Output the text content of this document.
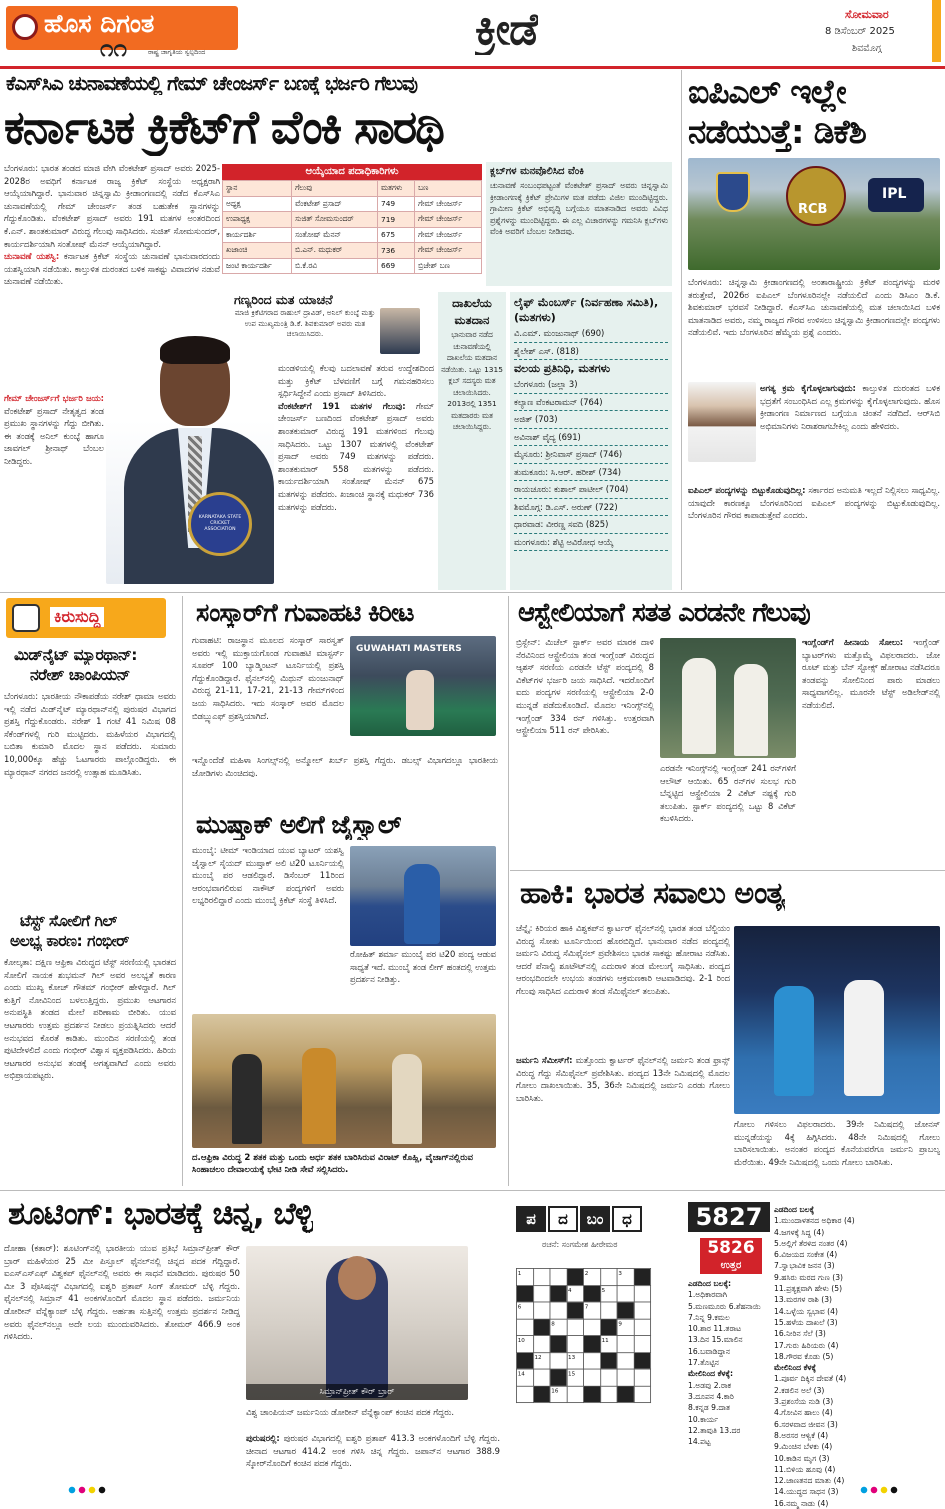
ಹೊಸ ದಿಗಂತ
೧೧	ರಾಷ್ಟ್ರ ಜಾಗೃತಿಯ ಸ್ವಲ್ಪದಿಂದ	ಕ್ರೀಡೆ	ಸೋಮವಾರ
8 ಡಿಸೆಂಬರ್ 2025
ಶಿವಮೊಗ್ಗ
ಕೆಎಸ್‌ಸಿಎ ಚುನಾವಣೆಯಲ್ಲಿ ಗೇಮ್ ಚೇಂಜರ್ಸ್ ಬಣಕ್ಕೆ ಭರ್ಜರಿ ಗೆಲುವು
ಕರ್ನಾಟಕ ಕ್ರಿಕೆಟ್‌ಗೆ ವೆಂಕಿ ಸಾರಥಿ
ಬೆಂಗಳೂರು: ಭಾರತ ತಂಡದ ಮಾಜಿ ವೇಗಿ ವೆಂಕಟೇಶ್ ಪ್ರಸಾದ್ ಅವರು 2025-2028ರ ಅವಧಿಗೆ ಕರ್ನಾಟಕ ರಾಜ್ಯ ಕ್ರಿಕೆಟ್ ಸಂಸ್ಥೆಯ ಅಧ್ಯಕ್ಷರಾಗಿ ಆಯ್ಕೆಯಾಗಿದ್ದಾರೆ. ಭಾನುವಾರ ಚಿನ್ನಸ್ವಾಮಿ ಕ್ರೀಡಾಂಗಣದಲ್ಲಿ ನಡೆದ ಕೆಎಸ್‌ಸಿಎ ಚುನಾವಣೆಯಲ್ಲಿ ಗೇಮ್ ಚೇಂಜರ್ಸ್ ತಂಡ ಬಹುತೇಕ ಸ್ಥಾನಗಳನ್ನು ಗೆದ್ದುಕೊಂಡಿತು. ವೆಂಕಟೇಶ್ ಪ್ರಸಾದ್ ಅವರು 191 ಮತಗಳ ಅಂತರದಿಂದ ಕೆ.ಎನ್. ಶಾಂತಕುಮಾರ್ ವಿರುದ್ಧ ಗೆಲುವು ಸಾಧಿಸಿದರು. ಸುಜಿತ್ ಸೋಮಸುಂದರ್, ಕಾರ್ಯದರ್ಶಿಯಾಗಿ ಸಂತೋಷ್ ಮೆನನ್ ಆಯ್ಕೆಯಾಗಿದ್ದಾರೆ.
ಚುನಾವಣೆ ಯಶಸ್ವಿ: ಕರ್ನಾಟಕ ಕ್ರಿಕೆಟ್ ಸಂಸ್ಥೆಯ ಚುನಾವಣೆ ಭಾನುವಾರದಂದು ಯಶಸ್ವಿಯಾಗಿ ನಡೆಯಿತು. ಕಾಲ್ತುಳಿತ ದುರಂತದ ಬಳಿಕ ಸಾಕಷ್ಟು ವಿವಾದಗಳ ನಡುವೆ ಚುನಾವಣೆ ನಡೆಯಿತು.
ಗೇಮ್ ಚೇಂಜರ್ಸ್‌ಗೆ ಭರ್ಜರಿ ಜಯ: ವೆಂಕಟೇಶ್ ಪ್ರಸಾದ್ ನೇತೃತ್ವದ ತಂಡ ಪ್ರಮುಖ ಸ್ಥಾನಗಳನ್ನು ಗೆದ್ದು ಬೀಗಿತು. ಈ ತಂಡಕ್ಕೆ ಅನಿಲ್ ಕುಂಬ್ಳೆ ಹಾಗೂ ಜಾವಗಲ್ ಶ್ರೀನಾಥ್ ಬೆಂಬಲ ನೀಡಿದ್ದರು.
KARNATAKA STATE CRICKET ASSOCIATION
ಆಯ್ಕೆಯಾದ ಪದಾಧಿಕಾರಿಗಳು
ಸ್ಥಾನ	ಗೆಲುವು	ಮತಗಳು	ಬಣ
ಅಧ್ಯಕ್ಷ	ವೆಂಕಟೇಶ್ ಪ್ರಸಾದ್	749	ಗೇಮ್ ಚೇಂಜರ್ಸ್
ಉಪಾಧ್ಯಕ್ಷ	ಸುಜಿತ್ ಸೋಮಸುಂದರ್	719	ಗೇಮ್ ಚೇಂಜರ್ಸ್
ಕಾರ್ಯದರ್ಶಿ	ಸಂತೋಷ್ ಮೆನನ್	675	ಗೇಮ್ ಚೇಂಜರ್ಸ್
ಖಜಾಂಚಿ	ಬಿ.ಎನ್. ಮಧುಕರ್	736	ಗೇಮ್ ಚೇಂಜರ್ಸ್
ಜಂಟಿ ಕಾರ್ಯದರ್ಶಿ	ಬಿ.ಕೆ.ರವಿ	669	ಬ್ರಿಜೇಶ್ ಬಣ
ಕ್ಲಬ್‌ಗಳ ಮನವೊಲಿಸಿದ ವೆಂಕಿ
ಚುನಾವಣೆ ಸಂಬಂಧಪಟ್ಟಂತೆ ವೆಂಕಟೇಶ್ ಪ್ರಸಾದ್ ಅವರು ಚಿನ್ನಸ್ವಾಮಿ ಕ್ರೀಡಾಂಗಣಕ್ಕೆ ಕ್ರಿಕೆಟ್ ಪ್ರೇಮಿಗಳ ಮತ ಪಡೆದು ವಿಜಿಲ ಮುಂದಿಟ್ಟಿದ್ದರು. ಗ್ರಾಮೀಣ ಕ್ರಿಕೆಟ್ ಅಭಿವೃದ್ಧಿ ಬಗ್ಗೆಯೂ ಮಾತನಾಡಿದ ಅವರು ವಿವಿಧ ಪ್ರಶ್ನೆಗಳನ್ನು ಮುಂದಿಟ್ಟಿದ್ದರು. ಈ ಎಲ್ಲ ವಿಚಾರಗಳನ್ನು ಗಮನಿಸಿ ಕ್ಲಬ್‌ಗಳು ವೆಂಕಿ ಅವರಿಗೆ ಬೆಂಬಲ ನೀಡಿದವು.
ಗಣ್ಯರಿಂದ ಮತ ಯಾಚನೆ
ಮಾಜಿ ಕ್ರಿಕೆಟಿಗರಾದ ರಾಹುಲ್ ದ್ರಾವಿಡ್, ಅನಿಲ್ ಕುಂಬ್ಳೆ ಮತ್ತು ಉಪ ಮುಖ್ಯಮಂತ್ರಿ ಡಿ.ಕೆ. ಶಿವಕುಮಾರ್ ಅವರು ಮತ ಚಲಾಯಿಸಿದರು.
ಮಂಡಳಿಯಲ್ಲಿ ಕೆಲವು ಬದಲಾವಣೆ ತರುವ ಉದ್ದೇಶದಿಂದ ಮತ್ತು ಕ್ರಿಕೆಟ್ ಬೆಳವಣಿಗೆ ಬಗ್ಗೆ ಗಮನಹರಿಸಲು ಸ್ಪರ್ಧಿಸಿದ್ದೇನೆ ಎಂದು ಪ್ರಸಾದ್ ತಿಳಿಸಿದರು.
ವೆಂಕಟೇಶ್‌ಗೆ 191 ಮತಗಳ ಗೆಲುವು: ಗೇಮ್ ಚೇಂಜರ್ಸ್ ಬಣದಿಂದ ವೆಂಕಟೇಶ್ ಪ್ರಸಾದ್ ಅವರು ಶಾಂತಕುಮಾರ್ ವಿರುದ್ಧ 191 ಮತಗಳಿಂದ ಗೆಲುವು ಸಾಧಿಸಿದರು. ಒಟ್ಟು 1307 ಮತಗಳಲ್ಲಿ ವೆಂಕಟೇಶ್ ಪ್ರಸಾದ್ ಅವರು 749 ಮತಗಳನ್ನು ಪಡೆದರು. ಶಾಂತಕುಮಾರ್ 558 ಮತಗಳನ್ನು ಪಡೆದರು. ಕಾರ್ಯದರ್ಶಿಯಾಗಿ ಸಂತೋಷ್ ಮೆನನ್ 675 ಮತಗಳನ್ನು ಪಡೆದರು. ಖಜಾಂಚಿ ಸ್ಥಾನಕ್ಕೆ ಮಧುಕರ್ 736 ಮತಗಳನ್ನು ಪಡೆದರು.
ದಾಖಲೆಯ ಮತದಾನ
ಭಾನುವಾರ ನಡೆದ ಚುನಾವಣೆಯಲ್ಲಿ ದಾಖಲೆಯ ಮತದಾನ ನಡೆಯಿತು. ಒಟ್ಟು 1315 ಕ್ಲಬ್ ಸದಸ್ಯರು ಮತ ಚಲಾಯಿಸಿದರು. 2013ರಲ್ಲಿ 1351 ಮತದಾರರು ಮತ ಚಲಾಯಿಸಿದ್ದರು.
ಲೈಫ್ ಮೆಂಬರ್ಸ್ (ನಿರ್ವಹಣಾ ಸಮಿತಿ), (ಮತಗಳು)
ವಿ.ಎಮ್. ಮಂಜುನಾಥ್ (690)
ಶೈಲೇಶ್ ಎಸ್. (818)
ವಲಯ ಪ್ರತಿನಿಧಿ, ಮತಗಳು
ಬೆಂಗಳೂರು (ಜಲ್ಲಾ 3)
ಕಲ್ಯಾಣ ವೆಂಕಟರಾಮನ್ (764)
ಅಜಿತ್ (703)
ಅವಿನಾಶ್ ವೈದ್ಯ (691)
ಮೈಸೂರು: ಶ್ರೀನಿವಾಸ್ ಪ್ರಸಾದ್ (746)
ತುಮಕೂರು: ಸಿ.ಆರ್. ಹರೀಶ್ (734)
ರಾಯಚೂರು: ಕುಶಾಲ್ ಪಾಟೀಲ್ (704)
ಶಿವಮೊಗ್ಗ: ಡಿ.ಎಸ್. ಅರುಣ್ (722)
ಧಾರವಾಡ: ವೀರಣ್ಣ ಸವದಿ (825)
ಮಂಗಳೂರು: ಶೆಟ್ಟಿ ಅವಿರೋಧ ಆಯ್ಕೆ
ಐಪಿಎಲ್ ಇಲ್ಲೇ
ನಡೆಯುತ್ತೆ: ಡಿಕೆಶಿ
RCB
IPL
ಬೆಂಗಳೂರು: ಚಿನ್ನಸ್ವಾಮಿ ಕ್ರೀಡಾಂಗಣದಲ್ಲಿ ಅಂತಾರಾಷ್ಟ್ರೀಯ ಕ್ರಿಕೆಟ್ ಪಂದ್ಯಗಳನ್ನು ಮರಳಿ ತರುತ್ತೇವೆ, 2026ರ ಐಪಿಎಲ್ ಬೆಂಗಳೂರಿನಲ್ಲೇ ನಡೆಯಲಿದೆ ಎಂದು ಡಿಸಿಎಂ ಡಿ.ಕೆ. ಶಿವಕುಮಾರ್ ಭರವಸೆ ನೀಡಿದ್ದಾರೆ. ಕೆಎಸ್‌ಸಿಎ ಚುನಾವಣೆಯಲ್ಲಿ ಮತ ಚಲಾಯಿಸಿದ ಬಳಿಕ ಮಾತನಾಡಿದ ಅವರು, ನಮ್ಮ ರಾಜ್ಯದ ಗೌರವ ಉಳಿಸಲು ಚಿನ್ನಸ್ವಾಮಿ ಕ್ರೀಡಾಂಗಣದಲ್ಲೇ ಪಂದ್ಯಗಳು ನಡೆಯಲಿವೆ. ಇದು ಬೆಂಗಳೂರಿನ ಹೆಮ್ಮೆಯ ಪ್ರಶ್ನೆ ಎಂದರು.
ಅಗತ್ಯ ಕ್ರಮ ಕೈಗೊಳ್ಳಲಾಗುವುದು: ಕಾಲ್ತುಳಿತ ದುರಂತದ ಬಳಿಕ ಭದ್ರತೆಗೆ ಸಂಬಂಧಿಸಿದ ಎಲ್ಲ ಕ್ರಮಗಳನ್ನು ಕೈಗೊಳ್ಳಲಾಗುವುದು. ಹೊಸ ಕ್ರೀಡಾಂಗಣ ನಿರ್ಮಾಣದ ಬಗ್ಗೆಯೂ ಚಿಂತನೆ ನಡೆದಿದೆ. ಆರ್‌ಸಿಬಿ ಅಭಿಮಾನಿಗಳು ನಿರಾಶರಾಗಬೇಕಿಲ್ಲ ಎಂದು ಹೇಳಿದರು.
ಐಪಿಎಲ್ ಪಂದ್ಯಗಳನ್ನು ಬಿಟ್ಟುಕೊಡುವುದಿಲ್ಲ: ಸರ್ಕಾರದ ಅನುಮತಿ ಇಲ್ಲದೆ ನಿಲ್ಲಿಸಲು ಸಾಧ್ಯವಿಲ್ಲ. ಯಾವುದೇ ಕಾರಣಕ್ಕೂ ಬೆಂಗಳೂರಿನಿಂದ ಐಪಿಎಲ್ ಪಂದ್ಯಗಳನ್ನು ಬಿಟ್ಟುಕೊಡುವುದಿಲ್ಲ. ಬೆಂಗಳೂರಿನ ಗೌರವ ಕಾಪಾಡುತ್ತೇವೆ ಎಂದರು.
ಕಿರುಸುದ್ದಿ
ಮಿಡ್‌ನೈಟ್ ಮ್ಯಾರಥಾನ್:
ನರೇಶ್ ಚಾಂಪಿಯನ್
ಬೆಂಗಳೂರು: ಭಾರತೀಯ ನೌಕಾಪಡೆಯ ನರೇಶ್ ಧಾಮಾ ಅವರು ಇಲ್ಲಿ ನಡೆದ ಮಿಡ್‌ನೈಟ್ ಮ್ಯಾರಥಾನ್‌ನಲ್ಲಿ ಪುರುಷರ ವಿಭಾಗದ ಪ್ರಶಸ್ತಿ ಗೆದ್ದುಕೊಂಡರು. ನರೇಶ್ 1 ಗಂಟೆ 41 ನಿಮಿಷ 08 ಸೆಕೆಂಡ್‌ಗಳಲ್ಲಿ ಗುರಿ ಮುಟ್ಟಿದರು. ಮಹಿಳೆಯರ ವಿಭಾಗದಲ್ಲಿ ಬಬಿತಾ ಕುಮಾರಿ ಮೊದಲ ಸ್ಥಾನ ಪಡೆದರು. ಸುಮಾರು 10,000ಕ್ಕೂ ಹೆಚ್ಚು ಓಟಗಾರರು ಪಾಲ್ಗೊಂಡಿದ್ದರು. ಈ ಮ್ಯಾರಥಾನ್ ನಗರದ ಜನರಲ್ಲಿ ಉತ್ಸಾಹ ಮೂಡಿಸಿತು.
ಟೆಸ್ಟ್ ಸೋಲಿಗೆ ಗಿಲ್
ಅಲಭ್ಯ ಕಾರಣ: ಗಂಭೀರ್
ಕೋಲ್ಕತಾ: ದಕ್ಷಿಣ ಆಫ್ರಿಕಾ ವಿರುದ್ಧದ ಟೆಸ್ಟ್ ಸರಣಿಯಲ್ಲಿ ಭಾರತದ ಸೋಲಿಗೆ ನಾಯಕ ಶುಭಮನ್ ಗಿಲ್ ಅವರ ಅಲಭ್ಯತೆ ಕಾರಣ ಎಂದು ಮುಖ್ಯ ಕೋಚ್ ಗೌತಮ್ ಗಂಭೀರ್ ಹೇಳಿದ್ದಾರೆ. ಗಿಲ್ ಕುತ್ತಿಗೆ ನೋವಿನಿಂದ ಬಳಲುತ್ತಿದ್ದರು. ಪ್ರಮುಖ ಆಟಗಾರನ ಅನುಪಸ್ಥಿತಿ ತಂಡದ ಮೇಲೆ ಪರಿಣಾಮ ಬೀರಿತು. ಯುವ ಆಟಗಾರರು ಉತ್ತಮ ಪ್ರದರ್ಶನ ನೀಡಲು ಪ್ರಯತ್ನಿಸಿದರು ಆದರೆ ಅನುಭವದ ಕೊರತೆ ಕಾಡಿತು. ಮುಂದಿನ ಸರಣಿಯಲ್ಲಿ ತಂಡ ಪುಟಿದೇಳಲಿದೆ ಎಂದು ಗಂಭೀರ್ ವಿಶ್ವಾಸ ವ್ಯಕ್ತಪಡಿಸಿದರು. ಹಿರಿಯ ಆಟಗಾರರ ಅನುಭವ ತಂಡಕ್ಕೆ ಅಗತ್ಯವಾಗಿದೆ ಎಂದು ಅವರು ಅಭಿಪ್ರಾಯಪಟ್ಟರು.
ಸಂಸ್ಕಾರ್‌ಗೆ ಗುವಾಹಟಿ ಕಿರೀಟ
ಗುವಾಹಟಿ: ರಾಜಸ್ಥಾನ ಮೂಲದ ಸಂಸ್ಕಾರ್ ಸಾರಸ್ವತ್ ಅವರು ಇಲ್ಲಿ ಮುಕ್ತಾಯಗೊಂಡ ಗುವಾಹಟಿ ಮಾಸ್ಟರ್ಸ್ ಸೂಪರ್ 100 ಬ್ಯಾಡ್ಮಿಂಟನ್ ಟೂರ್ನಿಯಲ್ಲಿ ಪ್ರಶಸ್ತಿ ಗೆದ್ದುಕೊಂಡಿದ್ದಾರೆ. ಫೈನಲ್‌ನಲ್ಲಿ ಮಿಥುನ್ ಮಂಜುನಾಥ್ ವಿರುದ್ಧ 21-11, 17-21, 21-13 ಗೇಮ್‌ಗಳಿಂದ ಜಯ ಸಾಧಿಸಿದರು. ಇದು ಸಂಸ್ಕಾರ್ ಅವರ ಮೊದಲ ಬಿಡಬ್ಲ್ಯುಎಫ್ ಪ್ರಶಸ್ತಿಯಾಗಿದೆ.
GUWAHATI MASTERS
ಇನ್ನೊಂದೆಡೆ ಮಹಿಳಾ ಸಿಂಗಲ್ಸ್‌ನಲ್ಲಿ ಅನ್ಮೋಲ್ ಖರ್ಬ್ ಪ್ರಶಸ್ತಿ ಗೆದ್ದರು. ಡಬಲ್ಸ್ ವಿಭಾಗದಲ್ಲೂ ಭಾರತೀಯ ಜೋಡಿಗಳು ಮಿಂಚಿದವು.
ಮುಷ್ತಾಕ್ ಅಲಿಗೆ ಜೈಸ್ವಾಲ್
ಮುಂಬೈ: ಟೀಮ್ ಇಂಡಿಯಾದ ಯುವ ಬ್ಯಾಟರ್ ಯಶಸ್ವಿ ಜೈಸ್ವಾಲ್ ಸೈಯದ್ ಮುಷ್ತಾಕ್ ಅಲಿ ಟಿ20 ಟೂರ್ನಿಯಲ್ಲಿ ಮುಂಬೈ ಪರ ಆಡಲಿದ್ದಾರೆ. ಡಿಸೆಂಬರ್ 11ರಿಂದ ಆರಂಭವಾಗಲಿರುವ ನಾಕೌಟ್ ಪಂದ್ಯಗಳಿಗೆ ಅವರು ಲಭ್ಯರಿರಲಿದ್ದಾರೆ ಎಂದು ಮುಂಬೈ ಕ್ರಿಕೆಟ್ ಸಂಸ್ಥೆ ತಿಳಿಸಿದೆ.
ರೋಹಿತ್ ಶರ್ಮಾ ಮುಂಬೈ ಪರ ಟಿ20 ಪಂದ್ಯ ಆಡುವ ಸಾಧ್ಯತೆ ಇದೆ. ಮುಂಬೈ ತಂಡ ಲೀಗ್ ಹಂತದಲ್ಲಿ ಉತ್ತಮ ಪ್ರದರ್ಶನ ನೀಡಿತ್ತು.
ದ.ಆಫ್ರಿಕಾ ವಿರುದ್ಧ 2 ಶತಕ ಮತ್ತು ಒಂದು ಅರ್ಧ ಶತಕ ಬಾರಿಸಿರುವ ವಿರಾಟ್ ಕೊಹ್ಲಿ, ವೈಜಾಗ್‌ನಲ್ಲಿರುವ ಸಿಂಹಾಚಲಂ ದೇವಾಲಯಕ್ಕೆ ಭೇಟಿ ನೀಡಿ ಸೇವೆ ಸಲ್ಲಿಸಿದರು.
ಆಸ್ಟ್ರೇಲಿಯಾಗೆ ಸತತ ಎರಡನೇ ಗೆಲುವು
ಬ್ರಿಸ್ಬೇನ್: ಮಿಚೆಲ್ ಸ್ಟಾರ್ಕ್ ಅವರ ಮಾರಕ ದಾಳಿ ನೆರವಿನಿಂದ ಆಸ್ಟ್ರೇಲಿಯಾ ತಂಡ ಇಂಗ್ಲೆಂಡ್ ವಿರುದ್ಧದ ಆ್ಯಶಸ್ ಸರಣಿಯ ಎರಡನೇ ಟೆಸ್ಟ್ ಪಂದ್ಯದಲ್ಲಿ 8 ವಿಕೆಟ್‌ಗಳ ಭರ್ಜರಿ ಜಯ ಸಾಧಿಸಿದೆ. ಇದರೊಂದಿಗೆ ಐದು ಪಂದ್ಯಗಳ ಸರಣಿಯಲ್ಲಿ ಆಸ್ಟ್ರೇಲಿಯಾ 2-0 ಮುನ್ನಡೆ ಪಡೆದುಕೊಂಡಿದೆ. ಮೊದಲ ಇನಿಂಗ್ಸ್‌ನಲ್ಲಿ ಇಂಗ್ಲೆಂಡ್ 334 ರನ್ ಗಳಿಸಿತ್ತು. ಉತ್ತರವಾಗಿ ಆಸ್ಟ್ರೇಲಿಯಾ 511 ರನ್ ಪೇರಿಸಿತು.
ಎರಡನೇ ಇನಿಂಗ್ಸ್‌ನಲ್ಲಿ ಇಂಗ್ಲೆಂಡ್ 241 ರನ್‌ಗಳಿಗೆ ಆಲೌಟ್ ಆಯಿತು. 65 ರನ್‌ಗಳ ಸುಲಭ ಗುರಿ ಬೆನ್ನಟ್ಟಿದ ಆಸ್ಟ್ರೇಲಿಯಾ 2 ವಿಕೆಟ್ ನಷ್ಟಕ್ಕೆ ಗುರಿ ತಲುಪಿತು. ಸ್ಟಾರ್ಕ್ ಪಂದ್ಯದಲ್ಲಿ ಒಟ್ಟು 8 ವಿಕೆಟ್ ಕಬಳಿಸಿದರು.
ಇಂಗ್ಲೆಂಡ್‌ಗೆ ಹೀನಾಯ ಸೋಲು: ಇಂಗ್ಲೆಂಡ್ ಬ್ಯಾಟರ್‌ಗಳು ಮತ್ತೊಮ್ಮೆ ವಿಫಲರಾದರು. ಜೋ ರೂಟ್ ಮತ್ತು ಬೆನ್ ಸ್ಟೋಕ್ಸ್ ಹೋರಾಟ ನಡೆಸಿದರೂ ತಂಡವನ್ನು ಸೋಲಿನಿಂದ ಪಾರು ಮಾಡಲು ಸಾಧ್ಯವಾಗಲಿಲ್ಲ. ಮೂರನೇ ಟೆಸ್ಟ್ ಅಡಿಲೇಡ್‌ನಲ್ಲಿ ನಡೆಯಲಿದೆ.
ಹಾಕಿ: ಭಾರತ ಸವಾಲು ಅಂತ್ಯ
ಚೆನ್ನೈ: ಕಿರಿಯರ ಹಾಕಿ ವಿಶ್ವಕಪ್‌ನ ಕ್ವಾರ್ಟರ್ ಫೈನಲ್‌ನಲ್ಲಿ ಭಾರತ ತಂಡ ಬೆಲ್ಜಿಯಂ ವಿರುದ್ಧ ಸೋತು ಟೂರ್ನಿಯಿಂದ ಹೊರಬಿದ್ದಿದೆ. ಭಾನುವಾರ ನಡೆದ ಪಂದ್ಯದಲ್ಲಿ ಜರ್ಮನಿ ವಿರುದ್ಧ ಸೆಮಿಫೈನಲ್ ಪ್ರವೇಶಿಸಲು ಭಾರತ ಸಾಕಷ್ಟು ಹೋರಾಟ ನಡೆಸಿತು. ಆದರೆ ಪೆನಾಲ್ಟಿ ಶೂಟೌಟ್‌ನಲ್ಲಿ ಎದುರಾಳಿ ತಂಡ ಮೇಲುಗೈ ಸಾಧಿಸಿತು. ಪಂದ್ಯದ ಆರಂಭದಿಂದಲೇ ಉಭಯ ತಂಡಗಳು ಆಕ್ರಮಣಕಾರಿ ಆಟವಾಡಿದವು. 2-1 ರಿಂದ ಗೆಲುವು ಸಾಧಿಸಿದ ಎದುರಾಳಿ ತಂಡ ಸೆಮಿಫೈನಲ್ ತಲುಪಿತು.
ಜರ್ಮನಿ ಸೆಮೀಸ್‌ಗೆ: ಮತ್ತೊಂದು ಕ್ವಾರ್ಟರ್ ಫೈನಲ್‌ನಲ್ಲಿ ಜರ್ಮನಿ ತಂಡ ಫ್ರಾನ್ಸ್ ವಿರುದ್ಧ ಗೆದ್ದು ಸೆಮಿಫೈನಲ್ ಪ್ರವೇಶಿಸಿತು. ಪಂದ್ಯದ 13ನೇ ನಿಮಿಷದಲ್ಲಿ ಮೊದಲ ಗೋಲು ದಾಖಲಾಯಿತು. 35, 36ನೇ ನಿಮಿಷದಲ್ಲಿ ಜರ್ಮನಿ ಎರಡು ಗೋಲು ಬಾರಿಸಿತು.
ಗೋಲು ಗಳಿಸಲು ವಿಫಲರಾದರು. 39ನೇ ನಿಮಿಷದಲ್ಲಿ ಜೋನಸ್ ಮುನ್ನಡೆಯನ್ನು 4ಕ್ಕೆ ಹಿಗ್ಗಿಸಿದರು. 48ನೇ ನಿಮಿಷದಲ್ಲಿ ಗೋಲು ಬಾರಿಸಲಾಯಿತು. ಅನಂತರ ಪಂದ್ಯದ ಕೊನೆಯವರೆಗೂ ಜರ್ಮನಿ ಪ್ರಾಬಲ್ಯ ಮೆರೆಯಿತು. 49ನೇ ನಿಮಿಷದಲ್ಲಿ ಒಂದು ಗೋಲು ಬಾರಿಸಿತು.
ಶೂಟಿಂಗ್: ಭಾರತಕ್ಕೆ ಚಿನ್ನ, ಬೆಳ್ಳಿ
ದೋಹಾ (ಕತಾರ್): ಶೂಟಿಂಗ್‌ನಲ್ಲಿ ಭಾರತೀಯ ಯುವ ಪ್ರತಿಭೆ ಸಿಮ್ರಾನ್‌ಪ್ರೀತ್ ಕೌರ್ ಬ್ರಾರ್ ಮಹಿಳೆಯರ 25 ಮೀ ಪಿಸ್ತೂಲ್ ಫೈನಲ್‌ನಲ್ಲಿ ಚಿನ್ನದ ಪದಕ ಗೆದ್ದಿದ್ದಾರೆ. ಐಎಸ್‌ಎಸ್‌ಎಫ್ ವಿಶ್ವಕಪ್ ಫೈನಲ್‌ನಲ್ಲಿ ಅವರು ಈ ಸಾಧನೆ ಮಾಡಿದರು. ಪುರುಷರ 50 ಮೀ 3 ಪೊಸಿಷನ್ಸ್ ವಿಭಾಗದಲ್ಲಿ ಐಶ್ವರಿ ಪ್ರತಾಪ್ ಸಿಂಗ್ ತೋಮರ್ ಬೆಳ್ಳಿ ಗೆದ್ದರು. ಫೈನಲ್‌ನಲ್ಲಿ ಸಿಮ್ರಾನ್ 41 ಅಂಕಗಳೊಂದಿಗೆ ಮೊದಲ ಸ್ಥಾನ ಪಡೆದರು. ಜರ್ಮನಿಯ ಡೋರೀನ್ ವೆನ್ನೆಕ್ಯಾಂಪ್ ಬೆಳ್ಳಿ ಗೆದ್ದರು. ಅರ್ಹತಾ ಸುತ್ತಿನಲ್ಲಿ ಉತ್ತಮ ಪ್ರದರ್ಶನ ನೀಡಿದ್ದ ಅವರು ಫೈನಲ್‌ನಲ್ಲೂ ಅದೇ ಲಯ ಮುಂದುವರಿಸಿದರು. ತೋಮರ್ 466.9 ಅಂಕ ಗಳಿಸಿದರು.
ಸಿಮ್ರಾನ್‌ಪ್ರೀತ್ ಕೌರ್ ಬ್ರಾರ್
ವಿಶ್ವ ಚಾಂಪಿಯನ್ ಜರ್ಮನಿಯ ಡೋರೀನ್ ವೆನ್ನೆಕ್ಯಾಂಪ್ ಕಂಚಿನ ಪದಕ ಗೆದ್ದರು.
ಪುರುಷರಲ್ಲಿ: ಪುರುಷರ ವಿಭಾಗದಲ್ಲಿ ಐಶ್ವರಿ ಪ್ರತಾಪ್ 413.3 ಅಂಕಗಳೊಂದಿಗೆ ಬೆಳ್ಳಿ ಗೆದ್ದರು. ಚೀನಾದ ಆಟಗಾರ 414.2 ಅಂಕ ಗಳಿಸಿ ಚಿನ್ನ ಗೆದ್ದರು. ಜಪಾನ್‌ನ ಆಟಗಾರ 388.9 ಸ್ಕೋರ್‌ನೊಂದಿಗೆ ಕಂಚಿನ ಪದಕ ಗೆದ್ದರು.
ಪ ದ ಬಂ ಧ
ರಚನೆ: ಸಂಗಮೇಶ ಹೀರೇಮಠ
1				2		3	
			4		5		
6				7			
		8				9	
10					11		
	12		13				
14			15				
		16					
5827
5826
ಉತ್ತರ
ಎಡದಿಂದ ಬಲಕ್ಕೆ:
1.ಅಧಿಕಾರವಾಗಿ
5.ಮಣಮೂರು 6.ಶೆಹನಾಯಿ
7.ನಿನ್ನ 9.ಕಮಲ
10.ಶಾರ 11.ತರಾಟ
13.ದಿನ 15.ಮಾಲಿನ
16.ಬವಾಡಿದ್ದಾನ
17.ತೊಟ್ಟಿನ
ಮೇಲಿನಿಂದ ಕೆಳಕ್ಕೆ:
1.ಅಡವು 2.ರಾಕ
3.ದೂಪನ 4.ಕಾರಿ
8.ಕನ್ನಡ 9.ದಾತ
10.ಕಾರ್ಯ
12.ತಾವುತಿ 13.ದರ
14.ಪಟ್ಟ
ಎಡದಿಂದ ಬಲಕ್ಕೆ
1.ಮುಂದಾಳತನದ ಅಧಿಕಾರ (4)
4.ಜಗಳಕ್ಕೆ ಸಿದ್ಧ (4)
5.ಅಲ್ಲಿಗೆ ತೆರಳಿದ ನಂತರ (4)
6.ವಿಜಯದ ಸಂಕೇತ (4)
7.ಸ್ವಾಭಾವಿಕ ಜನನ (3)
9.ಹಸಿರು ಮರದ ಗುಣ (3)
11.ಪ್ರತ್ಯಕ್ಷವಾಗಿ ಹೇಳು (5)
13.ಮರಗಳ ರಾಶಿ (3)
14.ಒಳ್ಳೆಯ ಸ್ವಭಾವ (4)
15.ಹಳೆಯ ದಾಖಲೆ (3)
16.ನೀರಿನ ಸೆಲೆ (3)
17.ಗುರು ಹಿರಿಯರು (4)
18.ಗೌರವ ಕೊಡು (5)
ಮೇಲಿನಿಂದ ಕೆಳಕ್ಕೆ
1.ಪೂರ್ವ ದಿಕ್ಕಿನ ದೇವತೆ (4)
2.ಕಡಲಿನ ಅಲೆ (3)
3.ಪ್ರಶಂಸೆಯ ನುಡಿ (3)
4.ಗೋವಿನ ಹಾಲು (4)
6.ಸರಳವಾದ ಜೀವನ (3)
8.ಅರಸರ ಆಳ್ವಿಕೆ (4)
9.ಮಿಂಚಿನ ಬೆಳಕು (4)
10.ಕಾಡಿನ ಮೃಗ (3)
11.ಬಿಳಿಯ ಹೂವು (4)
12.ಜಾಣತನದ ಮಾತು (4)
14.ಯುದ್ಧದ ಸಾಧನ (3)
16.ನಮ್ಮ ನಾಡು (4)
